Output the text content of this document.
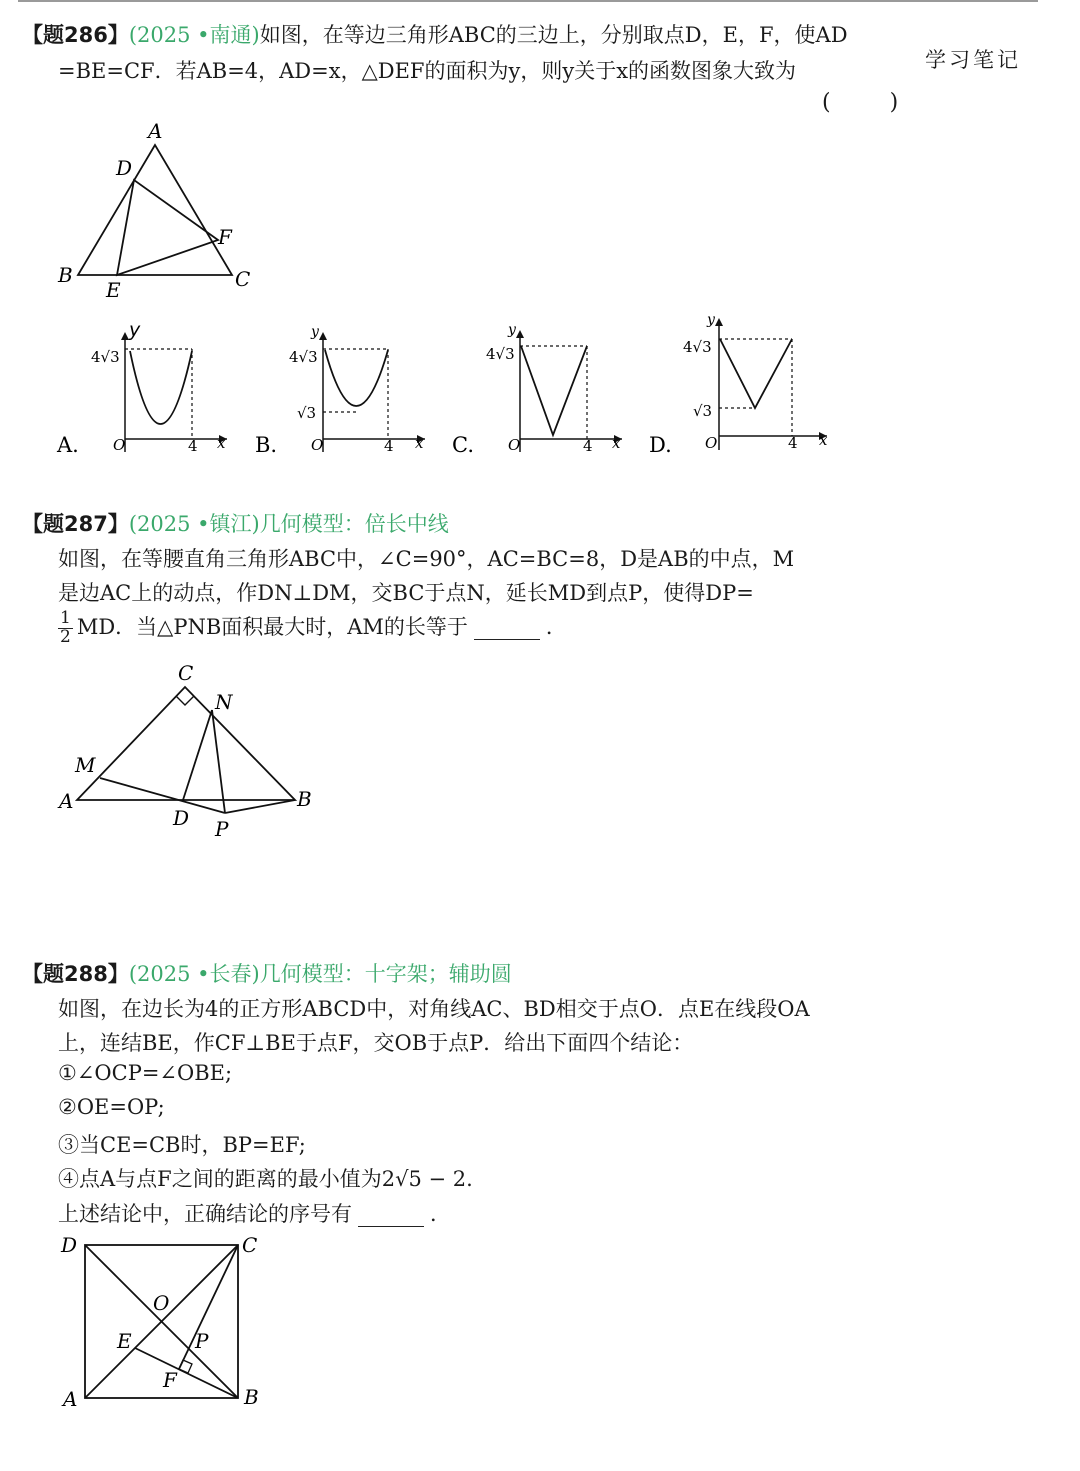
学习笔记
【题286】(2025 •南通)如图，在等边三角形ABC的三边上，分别取点D，E，F，使AD
=BE=CF．若AB=4，AD=x，△DEF的面积为y，则y关于x的函数图象大致为
( )
A
D
F
B
E	C
A.
y
4√3
O	4 x B.
y
4√3
√3
O	4 x C.
y
4√3
O	4 x D.
y
4√3
√3
O	4 x
【题287】(2025 •镇江)几何模型：倍长中线
如图，在等腰直角三角形ABC中，∠C=90°，AC=BC=8，D是AB的中点，M
是边AC上的动点，作DN⊥DM，交BC于点N，延长MD到点P，使得DP=
$\frac{1}{2}$ MD．当△PNB面积最大时，AM的长等于	．
C
N
M
A
D P
B
【题288】(2025 •长春)几何模型：十字架；辅助圆
如图，在边长为4的正方形ABCD中，对角线AC、BD相交于点O．点E在线段OA
上，连结BE，作CF⊥BE于点F，交OB于点P．给出下面四个结论：
①∠OCP=∠OBE;
②OE=OP;
③当CE=CB时，BP=EF;
④点A与点F之间的距离的最小值为2√5 − 2.
上述结论中，正确结论的序号有	．
D	C
O
E	P
F
A	B
